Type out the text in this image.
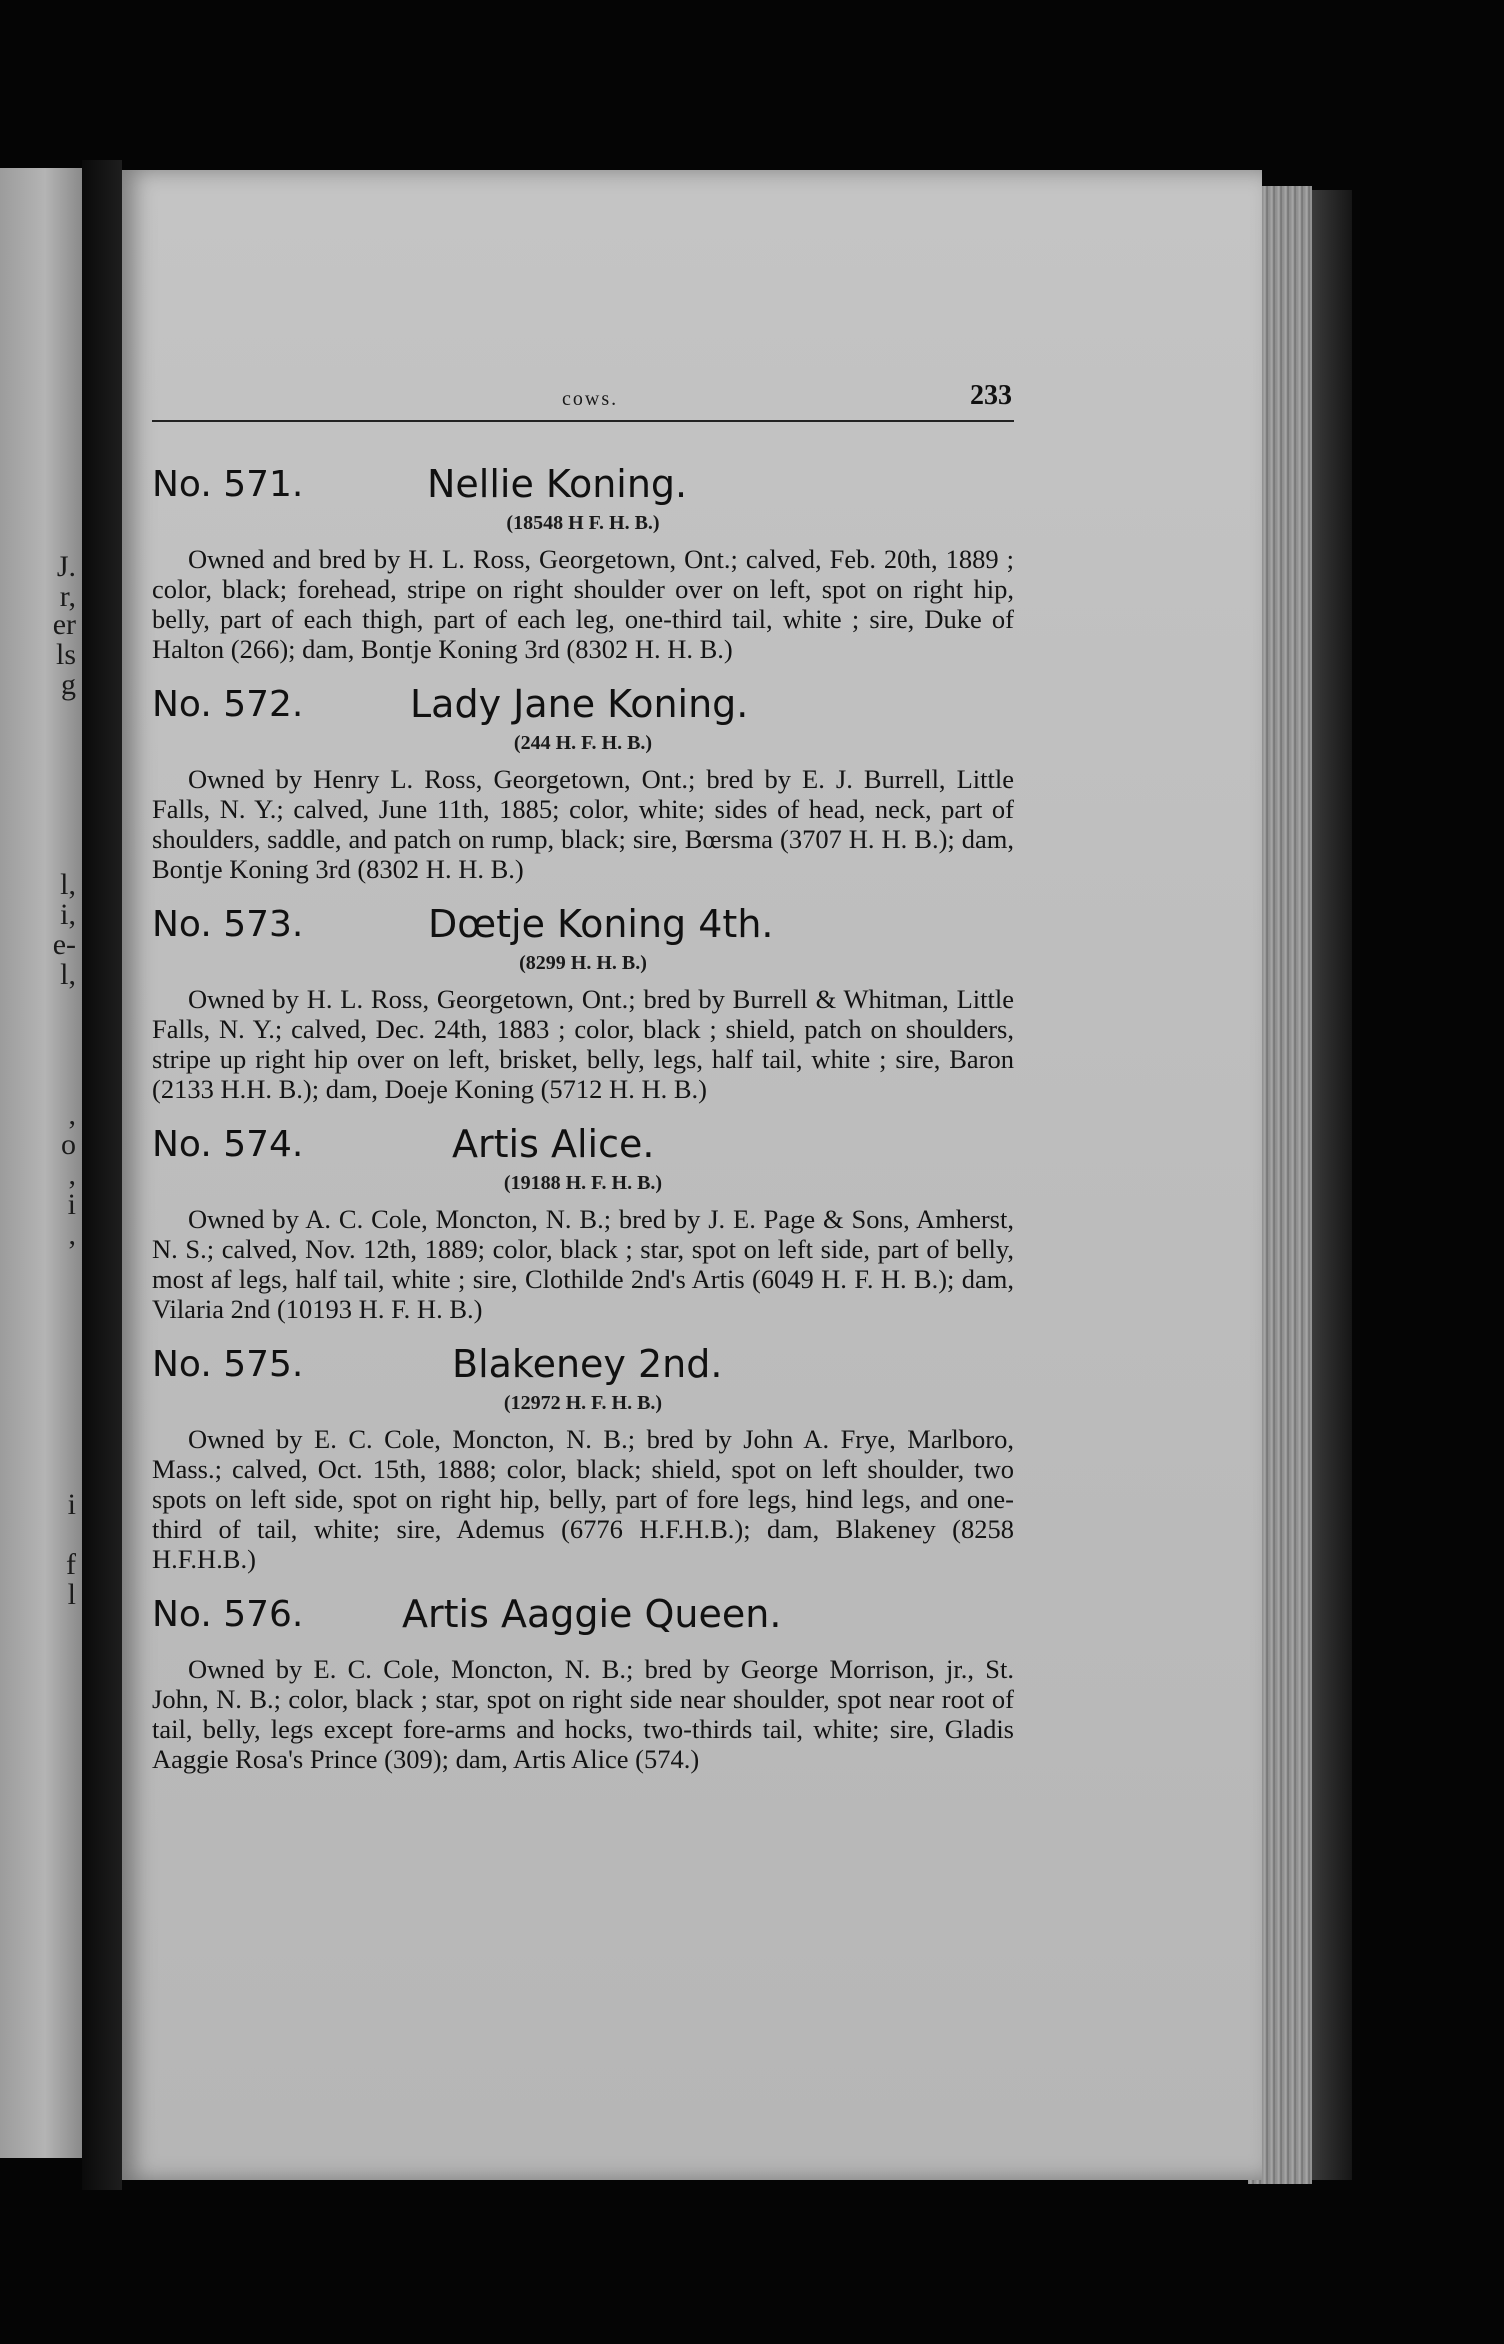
J.
r,
er
ls
g
l,
i,
e-
l,
,
o
,
i
,
i
f
l
cows.	233
No. 571.	Nellie Koning.
(18548 H F. H. B.)

Owned and bred by H. L. Ross, Georgetown, Ont.; calved, Feb. 20th, 1889 ; color, black; forehead, stripe on right shoulder over on left, spot on right hip, belly, part of each thigh, part of each leg, one-third tail, white ; sire, Duke of Halton (266); dam, Bontje Koning 3rd (8302 H. H. B.)

No. 572.	Lady Jane Koning.
(244 H. F. H. B.)

Owned by Henry L. Ross, Georgetown, Ont.; bred by E. J. Burrell, Little Falls, N. Y.; calved, June 11th, 1885; color, white; sides of head, neck, part of shoulders, saddle, and patch on rump, black; sire, Bœrsma (3707 H. H. B.); dam, Bontje Koning 3rd (8302 H. H. B.)

No. 573.	Dœtje Koning 4th.
(8299 H. H. B.)

Owned by H. L. Ross, Georgetown, Ont.; bred by Burrell & Whitman, Little Falls, N. Y.; calved, Dec. 24th, 1883 ; color, black ; shield, patch on shoulders, stripe up right hip over on left, brisket, belly, legs, half tail, white ; sire, Baron (2133 H.H. B.); dam, Doeje Koning (5712 H. H. B.)

No. 574.	Artis Alice.
(19188 H. F. H. B.)

Owned by A. C. Cole, Moncton, N. B.; bred by J. E. Page & Sons, Amherst, N. S.; calved, Nov. 12th, 1889; color, black ; star, spot on left side, part of belly, most af legs, half tail, white ; sire, Clothilde 2nd's Artis (6049 H. F. H. B.); dam, Vilaria 2nd (10193 H. F. H. B.)

No. 575.	Blakeney 2nd.
(12972 H. F. H. B.)

Owned by E. C. Cole, Moncton, N. B.; bred by John A. Frye, Marlboro, Mass.; calved, Oct. 15th, 1888; color, black; shield, spot on left shoulder, two spots on left side, spot on right hip, belly, part of fore legs, hind legs, and one-third of tail, white; sire, Ademus (6776 H.F.H.B.); dam, Blakeney (8258 H.F.H.B.)

No. 576.	Artis Aaggie Queen.

Owned by E. C. Cole, Moncton, N. B.; bred by George Morrison, jr., St. John, N. B.; color, black ; star, spot on right side near shoulder, spot near root of tail, belly, legs except fore-arms and hocks, two-thirds tail, white; sire, Gladis Aaggie Rosa's Prince (309); dam, Artis Alice (574.)
